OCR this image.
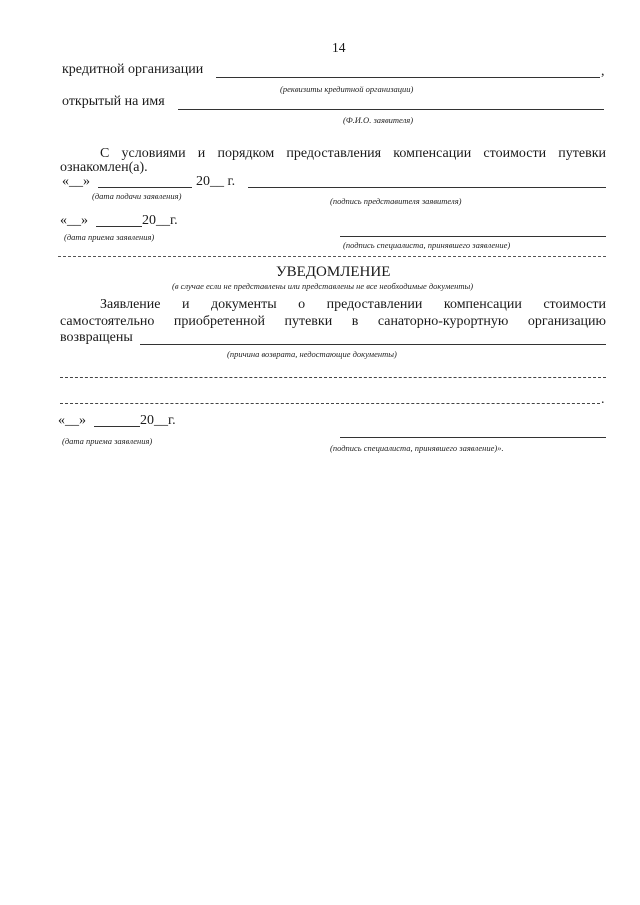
14
кредитной организации	,
(реквизиты кредитной организации)
открытый на имя
(Ф.И.О. заявителя)
С условиями и порядком предоставления компенсации стоимости путевки
ознакомлен(а).
«__»	20__ г.
(дата подачи заявления)	(подпись представителя заявителя)
«__»	20__г.
(дата приема заявления)
(подпись специалиста, принявшего заявление)
УВЕДОМЛЕНИЕ
(в случае если не представлены или представлены не все необходимые документы)
Заявление и документы о предоставлении компенсации стоимости
самостоятельно приобретенной путевки в санаторно-курортную организацию
возвращены
(причина возврата, недостающие документы)
.
«__»	20__г.
(дата приема заявления)
(подпись специалиста, принявшего заявление)».
